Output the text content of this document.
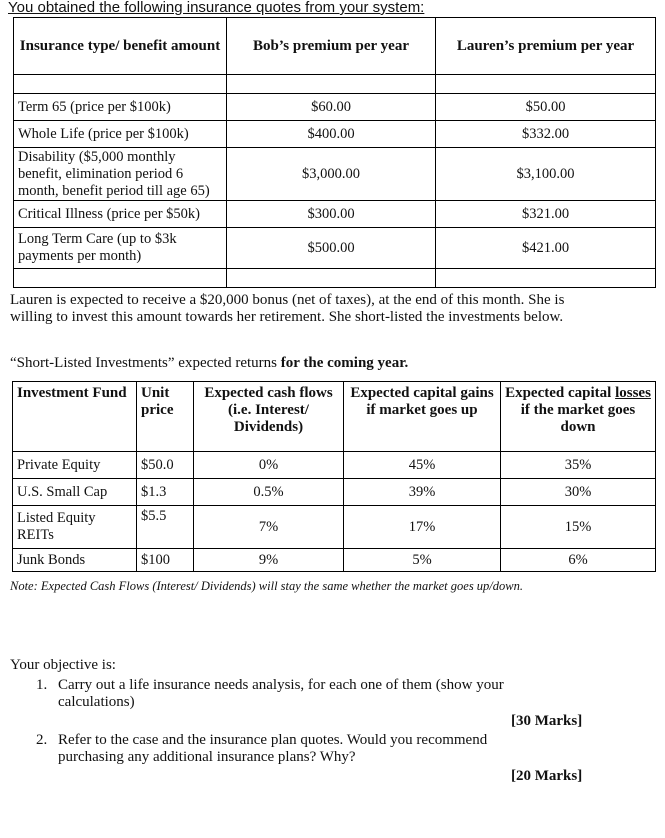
You obtained the following insurance quotes from your system:
Insurance type/ benefit amount	Bob’s premium per year	Lauren’s premium per year

Term 65 (price per $100k)	$60.00	$50.00
Whole Life (price per $100k)	$400.00	$332.00
Disability ($5,000 monthly benefit, elimination period 6 month, benefit period till age 65)	$3,000.00	$3,100.00
Critical Illness (price per $50k)	$300.00	$321.00
Long Term Care (up to $3k payments per month)	$500.00	$421.00

Lauren is expected to receive a $20,000 bonus (net of taxes), at the end of this month. She is willing to invest this amount towards her retirement. She short-listed the investments below.
“Short-Listed Investments” expected returns for the coming year.
Investment Fund	Unit price	Expected cash flows (i.e. Interest/ Dividends)	Expected capital gains if market goes up	Expected capital losses if the market goes down
Private Equity	$50.0	0%	45%	35%
U.S. Small Cap	$1.3	0.5%	39%	30%
Listed Equity REITs	$5.5	7%	17%	15%
Junk Bonds	$100	9%	5%	6%
Note: Expected Cash Flows (Interest/ Dividends) will stay the same whether the market goes up/down.
Your objective is:
1. Carry out a life insurance needs analysis, for each one of them (show your calculations)
[30 Marks]
2. Refer to the case and the insurance plan quotes. Would you recommend purchasing any additional insurance plans? Why?
[20 Marks]
